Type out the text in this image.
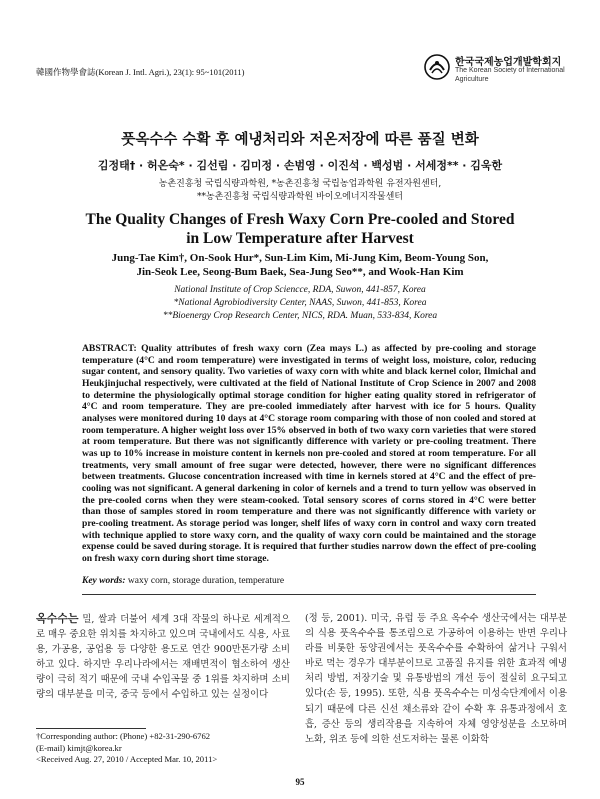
韓國作物學會誌(Korean J. Intl. Agri.), 23(1): 95~101(2011)
한국국제농업개발학회지
The Korean Society of International
Agriculture
풋옥수수 수확 후 예냉처리와 저온저장에 따른 품질 변화
김정태† · 허온숙* · 김선림 · 김미정 · 손범영 · 이진석 · 백성범 · 서세정** · 김욱한
농촌진흥청 국립식량과학원, *농촌진흥청 국립농업과학원 유전자원센터,
**농촌진흥청 국립식량과학원 바이오에너지작물센터
The Quality Changes of Fresh Waxy Corn Pre-cooled and Stored
in Low Temperature after Harvest
Jung-Tae Kim†, On-Sook Hur*, Sun-Lim Kim, Mi-Jung Kim, Beom-Young Son,
Jin-Seok Lee, Seong-Bum Baek, Sea-Jung Seo**, and Wook-Han Kim
National Institute of Crop Sciencce, RDA, Suwon, 441-857, Korea
*National Agrobiodiversity Center, NAAS, Suwon, 441-853, Korea
**Bioenergy Crop Research Center, NICS, RDA. Muan, 533-834, Korea
ABSTRACT: Quality attributes of fresh waxy corn (Zea mays L.) as affected by pre-cooling and storage temperature (4°C and room temperature) were investigated in terms of weight loss, moisture, color, reducing sugar content, and sensory quality. Two varieties of waxy corn with white and black kernel color, Ilmichal and Heukjinjuchal respectively, were cultivated at the field of National Institute of Crop Science in 2007 and 2008 to determine the physiologically optimal storage condition for higher eating quality stored in refrigerator of 4°C and room temperature. They are pre-cooled immediately after harvest with ice for 5 hours. Quality analyses were monitored during 10 days at 4°C storage room comparing with those of non cooled and stored at room temperature. A higher weight loss over 15% observed in both of two waxy corn varieties that were stored at room temperature. But there was not significantly difference with variety or pre-cooling treatment. There was up to 10% increase in moisture content in kernels non pre-cooled and stored at room temperature. For all treatments, very small amount of free sugar were detected, however, there were no significant differences between treatments. Glucose concentration increased with time in kernels stored at 4°C and the effect of pre-cooling was not significant. A general darkening in color of kernels and a trend to turn yellow was observed in the pre-cooled corns when they were steam-cooked. Total sensory scores of corns stored in 4°C were better than those of samples stored in room temperature and there was not significantly difference with variety or pre-cooling treatment. As storage period was longer, shelf lifes of waxy corn in control and waxy corn treated with technique applied to store waxy corn, and the quality of waxy corn could be maintained and the storage expense could be saved during storage. It is required that further studies narrow down the effect of pre-cooling on fresh waxy corn during short time storage.
Key words: waxy corn, storage duration, temperature
옥수수는 밀, 쌀과 더불어 세계 3대 작물의 하나로 세계적으로 매우 중요한 위치를 차지하고 있으며 국내에서도 식용, 사료용, 가공용, 공업용 등 다양한 용도로 연간 900만톤가량 소비하고 있다. 하지만 우리나라에서는 재배면적이 협소하여 생산량이 극히 적기 때문에 국내 수입곡물 중 1위를 차지하며 소비량의 대부분을 미국, 중국 등에서 수입하고 있는 실정이다
(정 등, 2001). 미국, 유럽 등 주요 옥수수 생산국에서는 대부분의 식용 풋옥수수를 통조림으로 가공하여 이용하는 반면 우리나라를 비롯한 동양권에서는 풋옥수수를 수확하여 삶거나 구워서 바로 먹는 경우가 대부분이므로 고품질 유지를 위한 효과적 예냉처리 방법, 저장기술 및 유통방법의 개선 등이 절실히 요구되고 있다(손 등, 1995). 또한, 식용 풋옥수수는 미성숙단계에서 이용되기 때문에 다른 신선 채소류와 같이 수확 후 유통과정에서 호흡, 증산 등의 생리작용을 지속하여 자체 영양성분을 소모하며 노화, 위조 등에 의한 선도저하는 물론 이화학
†Corresponding author: (Phone) +82-31-290-6762
(E-mail) kimjt@korea.kr
<Received Aug. 27, 2010 / Accepted Mar. 10, 2011>
95
